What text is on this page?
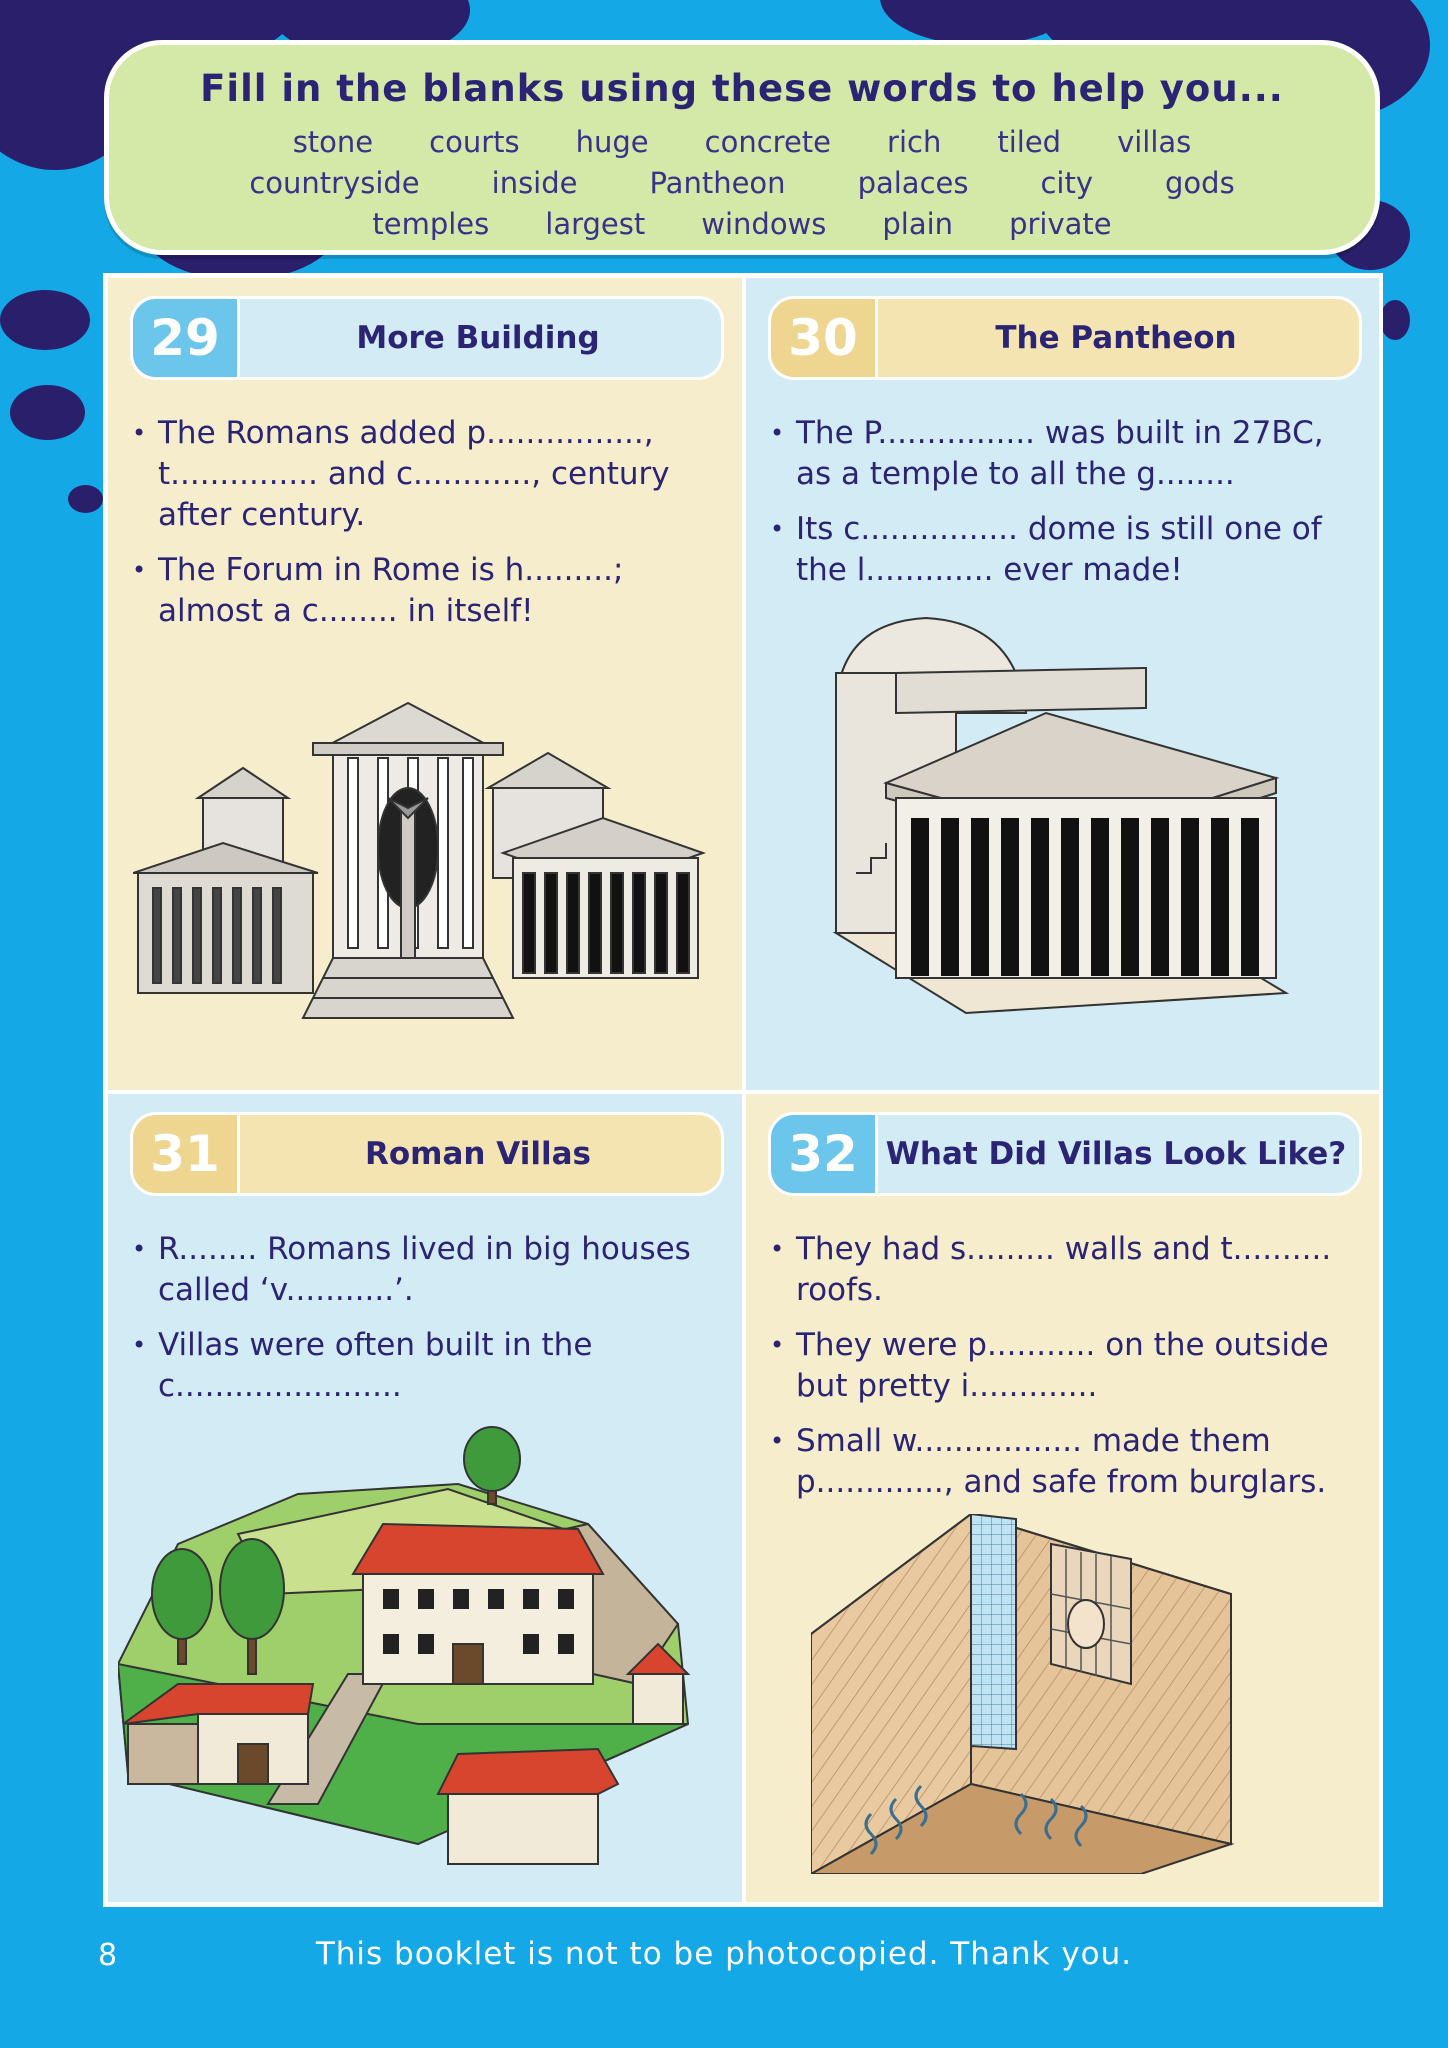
Fill in the blanks using these words to help you...
stone courts huge concrete rich tiled villas
countryside inside Pantheon palaces city gods
temples largest windows plain private
29	More Building
• The Romans added p................, t............... and c............, century after century.
• The Forum in Rome is h.........; almost a c........ in itself!
30	The Pantheon
• The P................ was built in 27BC, as a temple to all the g........
• Its c................ dome is still one of the l............. ever made!
31	Roman Villas
• R........ Romans lived in big houses called ‘v...........’.
• Villas were often built in the c.......................
32 What Did Villas Look Like?
• They had s......... walls and t.......... roofs.
• They were p........... on the outside but pretty i.............
• Small w................. made them p............., and safe from burglars.
8	This booklet is not to be photocopied. Thank you.
